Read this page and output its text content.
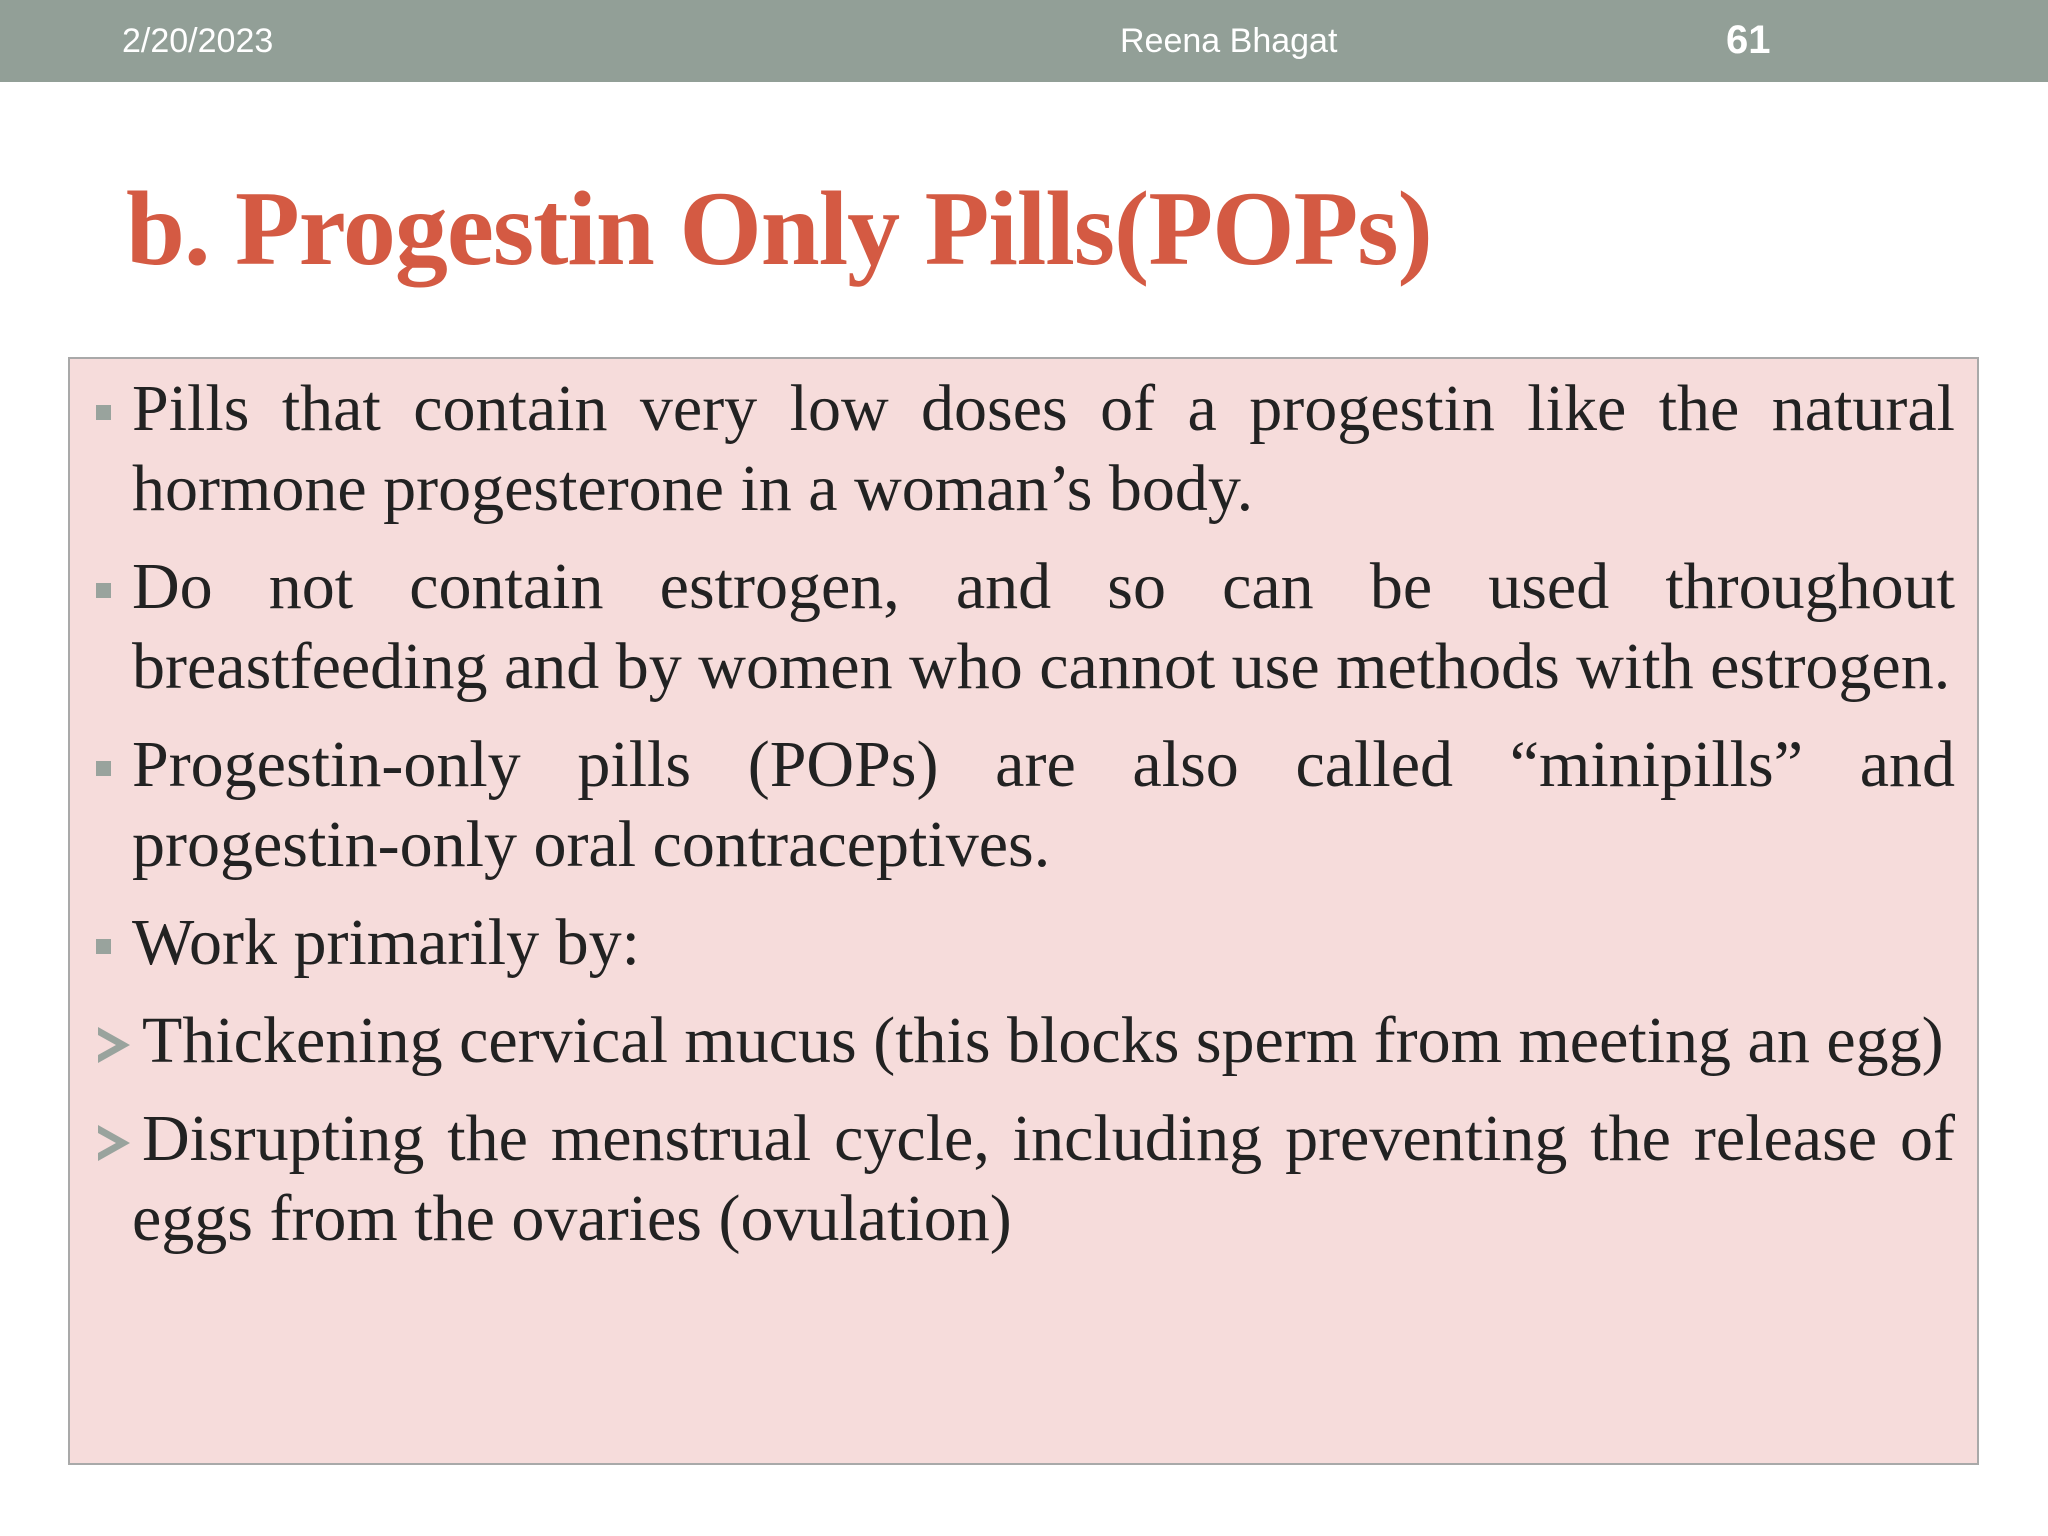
2/20/2023	Reena Bhagat	61
b. Progestin Only Pills(POPs)
Pills that contain very low doses of a progestin like the natural hormone progesterone in a woman’s body.
Do not contain estrogen, and so can be used throughout breastfeeding and by women who cannot use methods with estrogen.
Progestin-only pills (POPs) are also called “minipills” and progestin-only oral contraceptives.
Work primarily by:
Thickening cervical mucus (this blocks sperm from meeting an egg)
Disrupting the menstrual cycle, including preventing the release of eggs from the ovaries (ovulation)
